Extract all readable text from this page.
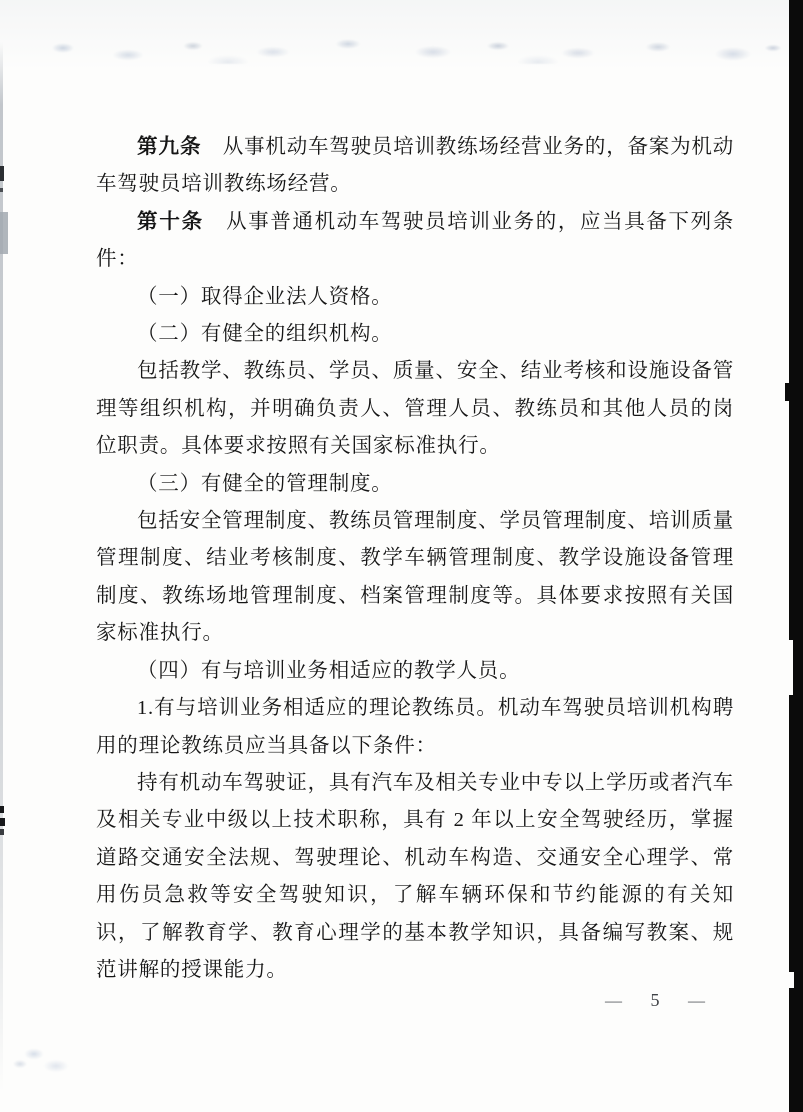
第九条　从事机动车驾驶员培训教练场经营业务的，备案为机动车驾驶员培训教练场经营。

第十条　从事普通机动车驾驶员培训业务的，应当具备下列条件：

（一）取得企业法人资格。

（二）有健全的组织机构。

包括教学、教练员、学员、质量、安全、结业考核和设施设备管理等组织机构，并明确负责人、管理人员、教练员和其他人员的岗位职责。具体要求按照有关国家标准执行。

（三）有健全的管理制度。

包括安全管理制度、教练员管理制度、学员管理制度、培训质量管理制度、结业考核制度、教学车辆管理制度、教学设施设备管理制度、教练场地管理制度、档案管理制度等。具体要求按照有关国家标准执行。

（四）有与培训业务相适应的教学人员。

1.有与培训业务相适应的理论教练员。机动车驾驶员培训机构聘用的理论教练员应当具备以下条件：

持有机动车驾驶证，具有汽车及相关专业中专以上学历或者汽车及相关专业中级以上技术职称，具有 2 年以上安全驾驶经历，掌握道路交通安全法规、驾驶理论、机动车构造、交通安全心理学、常用伤员急救等安全驾驶知识，了解车辆环保和节约能源的有关知识，了解教育学、教育心理学的基本教学知识，具备编写教案、规范讲解的授课能力。

— 5 —
